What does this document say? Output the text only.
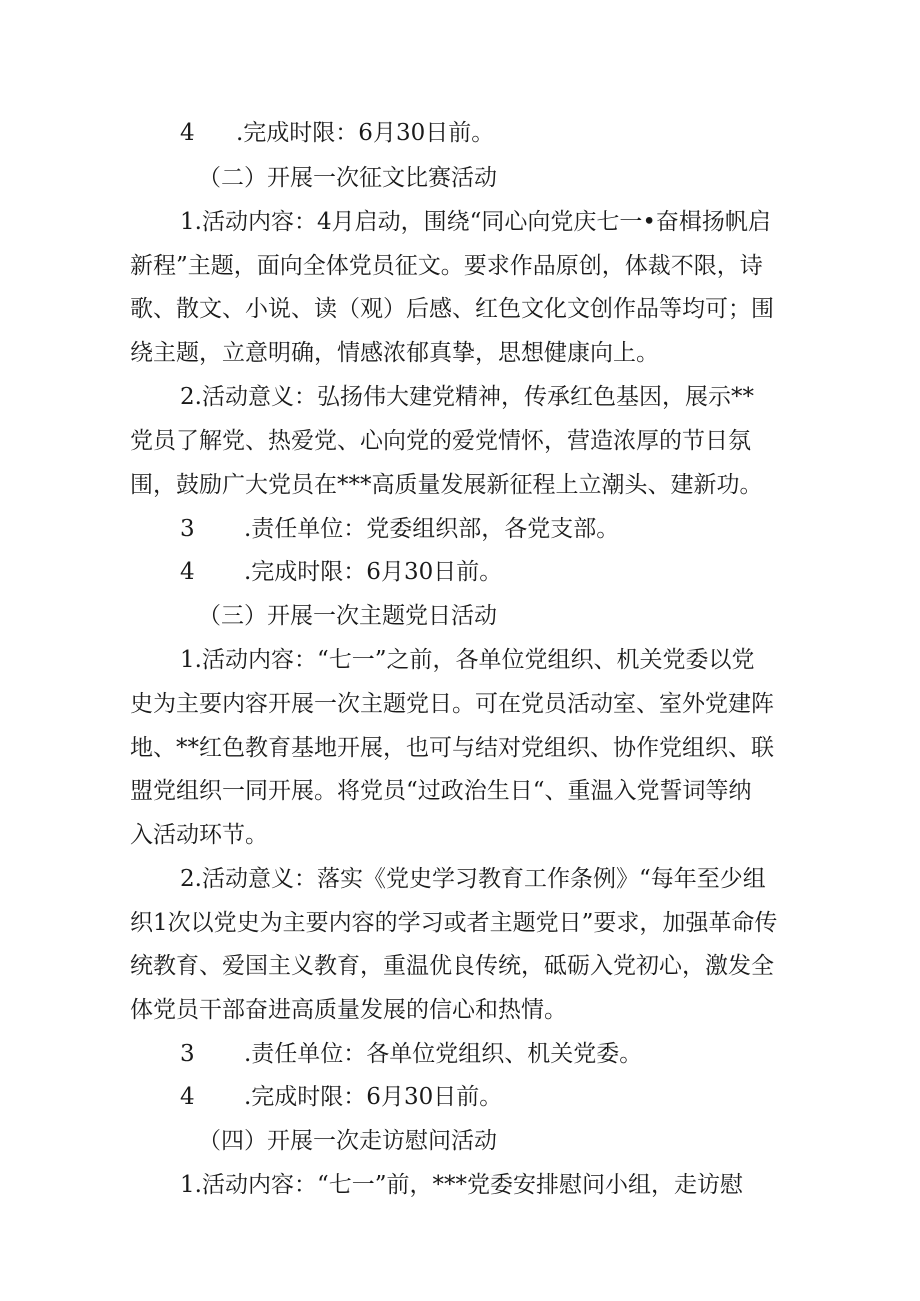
4 .完成时限：6月30日前。
（二）开展一次征文比赛活动
1.活动内容：4月启动，围绕“同心向党庆七一•奋楫扬帆启
新程”主题，面向全体党员征文。要求作品原创，体裁不限，诗
歌、散文、小说、读（观）后感、红色文化文创作品等均可；围
绕主题，立意明确，情感浓郁真挚，思想健康向上。
2.活动意义：弘扬伟大建党精神，传承红色基因，展示**
党员了解党、热爱党、心向党的爱党情怀，营造浓厚的节日氛
围，鼓励广大党员在***高质量发展新征程上立潮头、建新功。
3 .责任单位：党委组织部，各党支部。
4 .完成时限：6月30日前。
（三）开展一次主题党日活动
1.活动内容：“七一”之前，各单位党组织、机关党委以党
史为主要内容开展一次主题党日。可在党员活动室、室外党建阵
地、**红色教育基地开展，也可与结对党组织、协作党组织、联
盟党组织一同开展。将党员“过政治生日“、重温入党誓词等纳
入活动环节。
2.活动意义：落实《党史学习教育工作条例》“每年至少组
织1次以党史为主要内容的学习或者主题党日”要求，加强革命传
统教育、爱国主义教育，重温优良传统，砥砺入党初心，激发全
体党员干部奋进高质量发展的信心和热情。
3 .责任单位：各单位党组织、机关党委。
4 .完成时限：6月30日前。
（四）开展一次走访慰问活动
1.活动内容：“七一”前，***党委安排慰问小组，走访慰
